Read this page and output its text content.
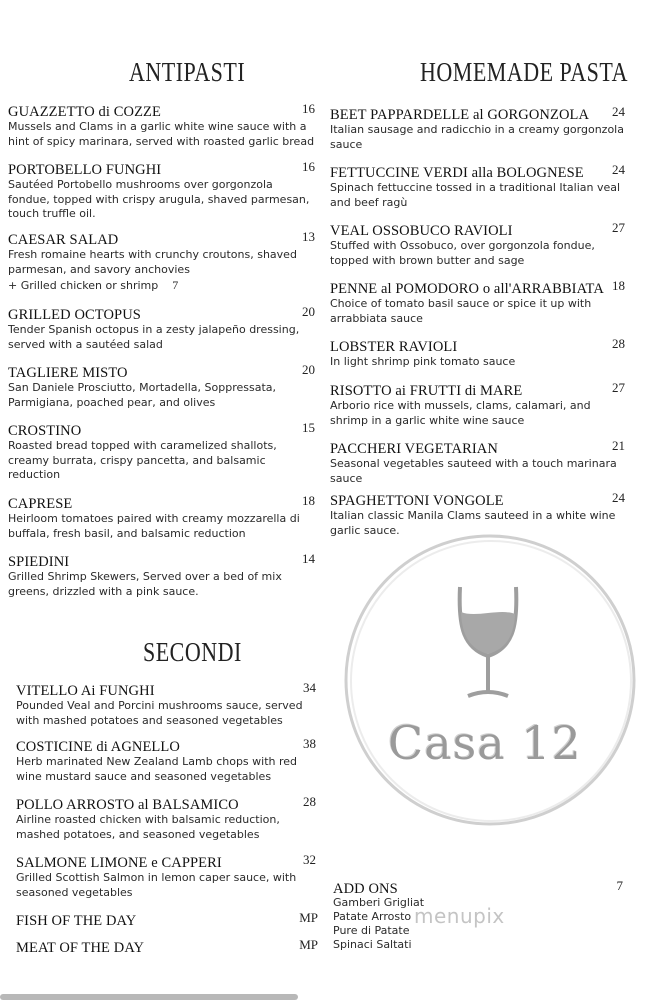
ANTIPASTI	HOMEMADE PASTA
SECONDI
GUAZZETTO di COZZE	16
Mussels and Clams in a garlic white wine sauce with a hint of spicy marinara, served with roasted garlic bread
PORTOBELLO FUNGHI	16
Sautéed Portobello mushrooms over gorgonzola fondue, topped with crispy arugula, shaved parmesan, touch truffle oil.
CAESAR SALAD	13
Fresh romaine hearts with crunchy croutons, shaved parmesan, and savory anchovies
+ Grilled chicken or shrimp 7
GRILLED OCTOPUS	20
Tender Spanish octopus in a zesty jalapeño dressing, served with a sautéed salad
TAGLIERE MISTO	20
San Daniele Prosciutto, Mortadella, Soppressata, Parmigiana, poached pear, and olives
CROSTINO	15
Roasted bread topped with caramelized shallots, creamy burrata, crispy pancetta, and balsamic reduction
CAPRESE	18
Heirloom tomatoes paired with creamy mozzarella di buffala, fresh basil, and balsamic reduction
SPIEDINI	14
Grilled Shrimp Skewers, Served over a bed of mix greens, drizzled with a pink sauce.
VITELLO Ai FUNGHI	34
Pounded Veal and Porcini mushrooms sauce, served with mashed potatoes and seasoned vegetables
COSTICINE di AGNELLO	38
Herb marinated New Zealand Lamb chops with red wine mustard sauce and seasoned vegetables
POLLO ARROSTO al BALSAMICO	28
Airline roasted chicken with balsamic reduction, mashed potatoes, and seasoned vegetables
SALMONE LIMONE e CAPPERI	32
Grilled Scottish Salmon in lemon caper sauce, with seasoned vegetables
FISH OF THE DAY	MP
MEAT OF THE DAY	MP
BEET PAPPARDELLE al GORGONZOLA 24
Italian sausage and radicchio in a creamy gorgonzola sauce
FETTUCCINE VERDI alla BOLOGNESE 24
Spinach fettuccine tossed in a traditional Italian veal and beef ragù
VEAL OSSOBUCO RAVIOLI	27
Stuffed with Ossobuco, over gorgonzola fondue, topped with brown butter and sage
PENNE al POMODORO o all'ARRABBIATA 18
Choice of tomato basil sauce or spice it up with arrabbiata sauce
LOBSTER RAVIOLI	28
In light shrimp pink tomato sauce
RISOTTO ai FRUTTI di MARE	27
Arborio rice with mussels, clams, calamari, and shrimp in a garlic white wine sauce
PACCHERI VEGETARIAN	21
Seasonal vegetables sauteed with a touch marinara sauce
SPAGHETTONI VONGOLE	24
Italian classic Manila Clams sauteed in a white wine garlic sauce.
Casa 12
ADD ONS	7
Gamberi Grigliat
Patate Arrosto
Pure di Patate
Spinaci Saltati
menupix
